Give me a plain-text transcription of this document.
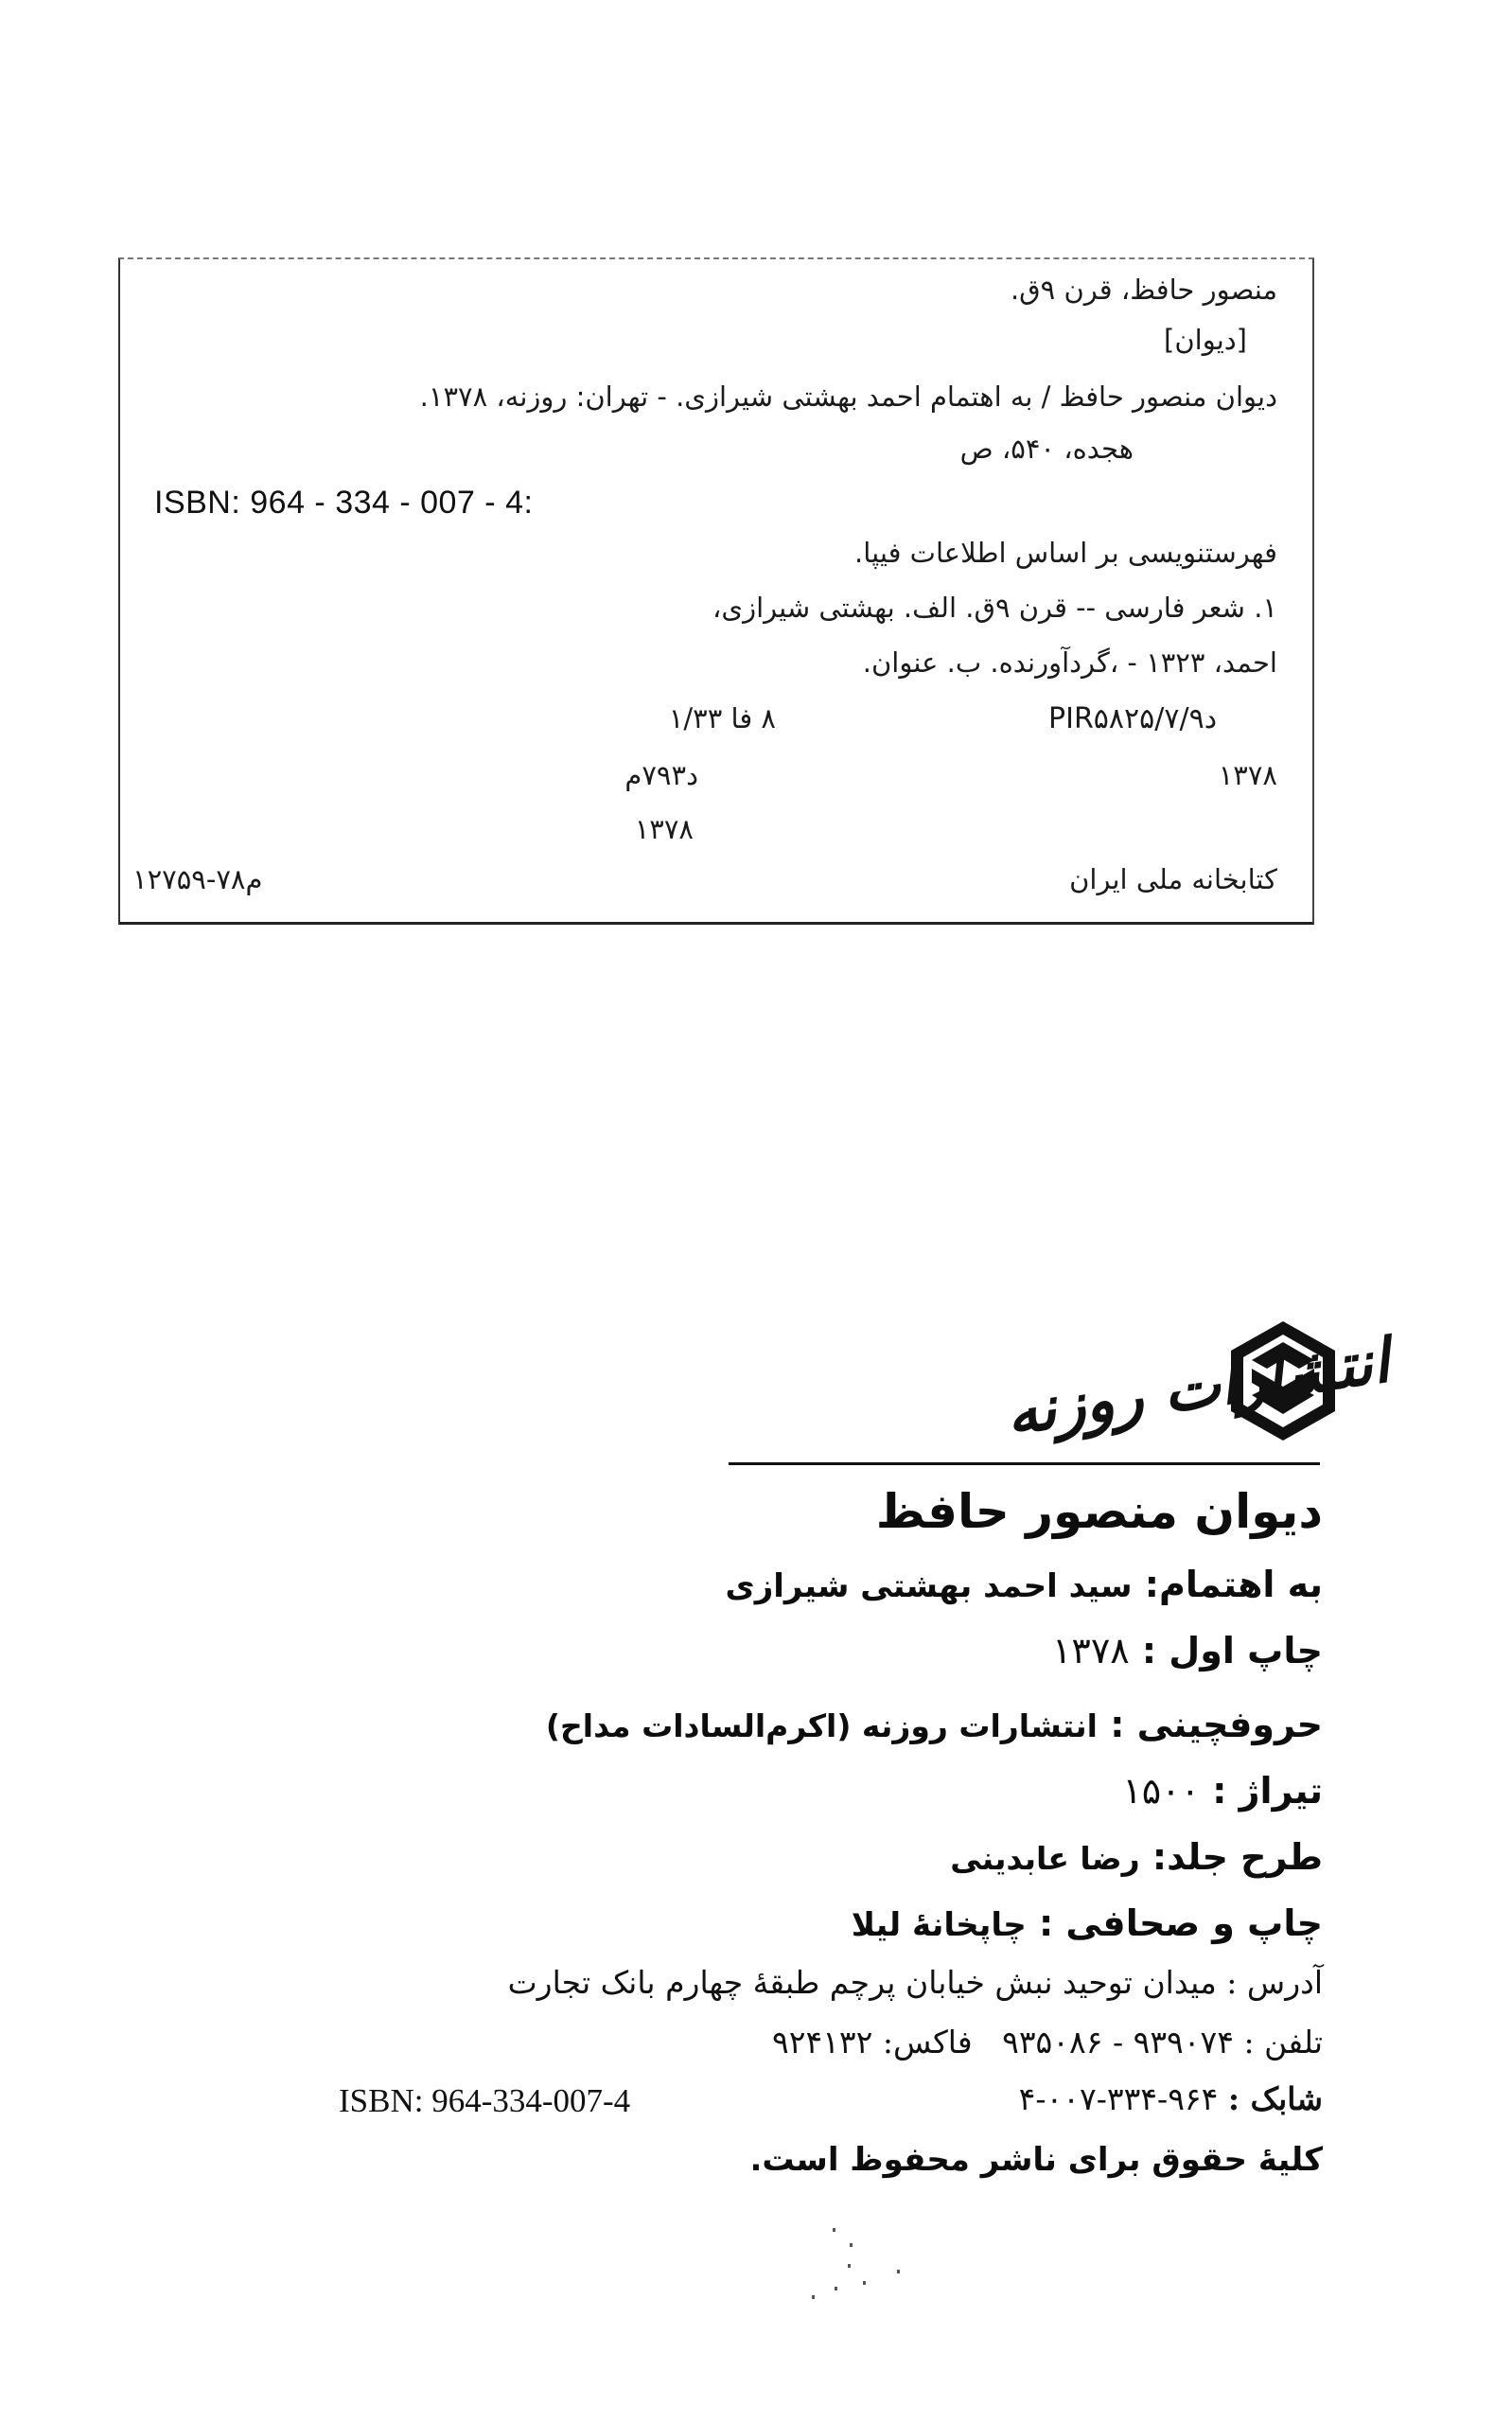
منصور حافظ، قرن ۹ق.
[دیوان]
دیوان منصور حافظ / به اهتمام احمد بهشتی شیرازی. - تهران: روزنه، ۱۳۷۸.
هجده، ۵۴۰، ص
ISBN: 964 - 334 - 007 - 4:
فهرستنویسی بر اساس اطلاعات فیپا.
۱. شعر فارسی -- قرن ۹ق. الف. بهشتی شیرازی،
احمد، ۱۳۲۳ - ،گردآورنده. ب. عنوان.
PIR۵۸۲۵/۷/د۹
۱۳۷۸
۸ فا ۱/۳۳
د۷۹۳م
۱۳۷۸
کتابخانه ملی ایران
م۷۸-۱۲۷۵۹
انتشارات روزنه
دیوان منصور حافظ
به اهتمام: سید احمد بهشتی شیرازی
چاپ اول : ۱۳۷۸
حروفچینی : انتشارات روزنه (اکرم‌السادات مداح)
تیراژ : ۱۵۰۰
طرح جلد: رضا عابدینی
چاپ و صحافی : چاپخانهٔ لیلا
آدرس : میدان توحید نبش خیابان پرچم طبقهٔ چهارم بانک تجارت
تلفن : ۹۳۹۰۷۴ - ۹۳۵۰۸۶   فاکس: ۹۲۴۱۳۲
شابک : ۹۶۴-۳۳۴-۰۰۷-۴
ISBN: 964-334-007-4
کلیهٔ حقوق برای ناشر محفوظ است.
